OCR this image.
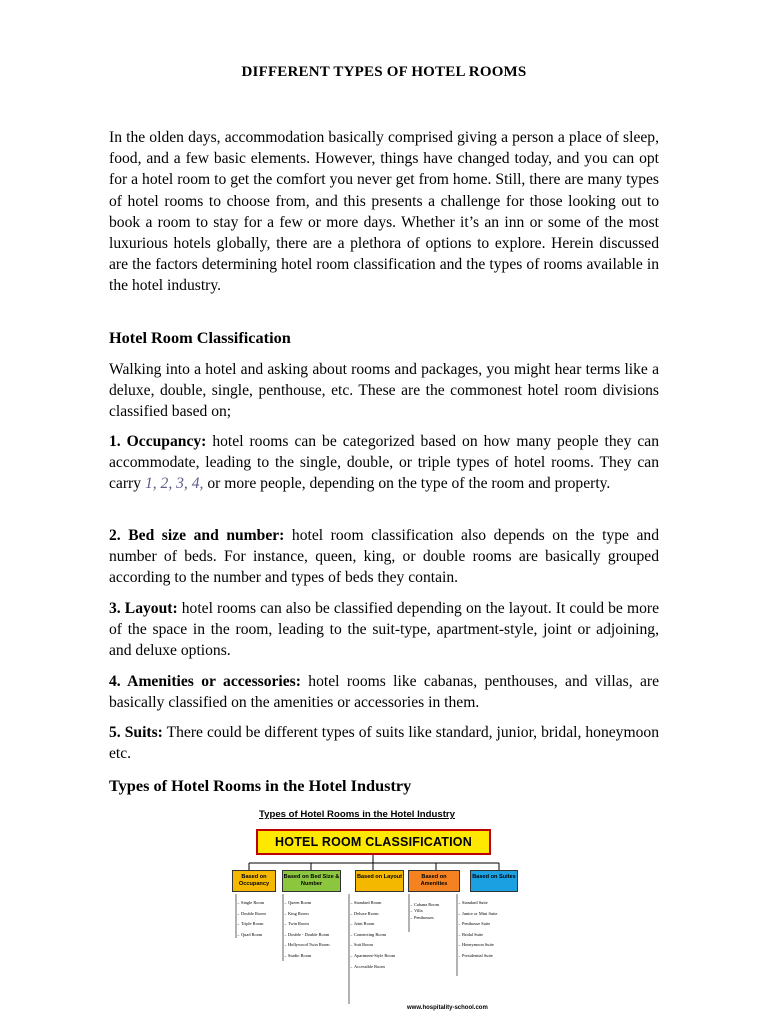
DIFFERENT TYPES OF HOTEL ROOMS

In the olden days, accommodation basically comprised giving a person a place of sleep, food, and a few basic elements. However, things have changed today, and you can opt for a hotel room to get the comfort you never get from home. Still, there are many types of hotel rooms to choose from, and this presents a challenge for those looking out to book a room to stay for a few or more days. Whether it’s an inn or some of the most luxurious hotels globally, there are a plethora of options to explore. Herein discussed are the factors determining hotel room classification and the types of rooms available in the hotel industry.

Hotel Room Classification

Walking into a hotel and asking about rooms and packages, you might hear terms like a deluxe, double, single, penthouse, etc. These are the commonest hotel room divisions classified based on;

1. Occupancy: hotel rooms can be categorized based on how many people they can accommodate, leading to the single, double, or triple types of hotel rooms. They can carry 1, 2, 3, 4, or more people, depending on the type of the room and property.

2. Bed size and number: hotel room classification also depends on the type and number of beds. For instance, queen, king, or double rooms are basically grouped according to the number and types of beds they contain.

3. Layout: hotel rooms can also be classified depending on the layout. It could be more of the space in the room, leading to the suit-type, apartment-style, joint or adjoining, and deluxe options.

4. Amenities or accessories: hotel rooms like cabanas, penthouses, and villas, are basically classified on the amenities or accessories in them.

5. Suits: There could be different types of suits like standard, junior, bridal, honeymoon etc.

Types of Hotel Rooms in the Hotel Industry
Types of Hotel Rooms in the Hotel Industry
HOTEL ROOM CLASSIFICATION
Based on Occupancy
Based on Bed Size & Number
Based on Layout	Based on Amenities
Based on Suites
→ Single Room
→ Double Room
→ Triple Room
→ Quad Room
→ Queen Room
→ King Room
→ Twin Room
→ Double - Double Room
→ Hollywood Twin Room
→ Studio Room
→ Standard Room
→ Deluxe Room
→ Joint Room
→ Connecting Room
→ Suit Room
→ Apartment-Style Room
→ Accessible Room
→ Cabana Room
→ Villa
→ Penthouses
→ Standard Suite
→ Junior or Mini Suite
→ Penthouse Suite
→ Bridal Suite
→ Honeymoon Suite
→ Presidential Suite
www.hospitality-school.com
